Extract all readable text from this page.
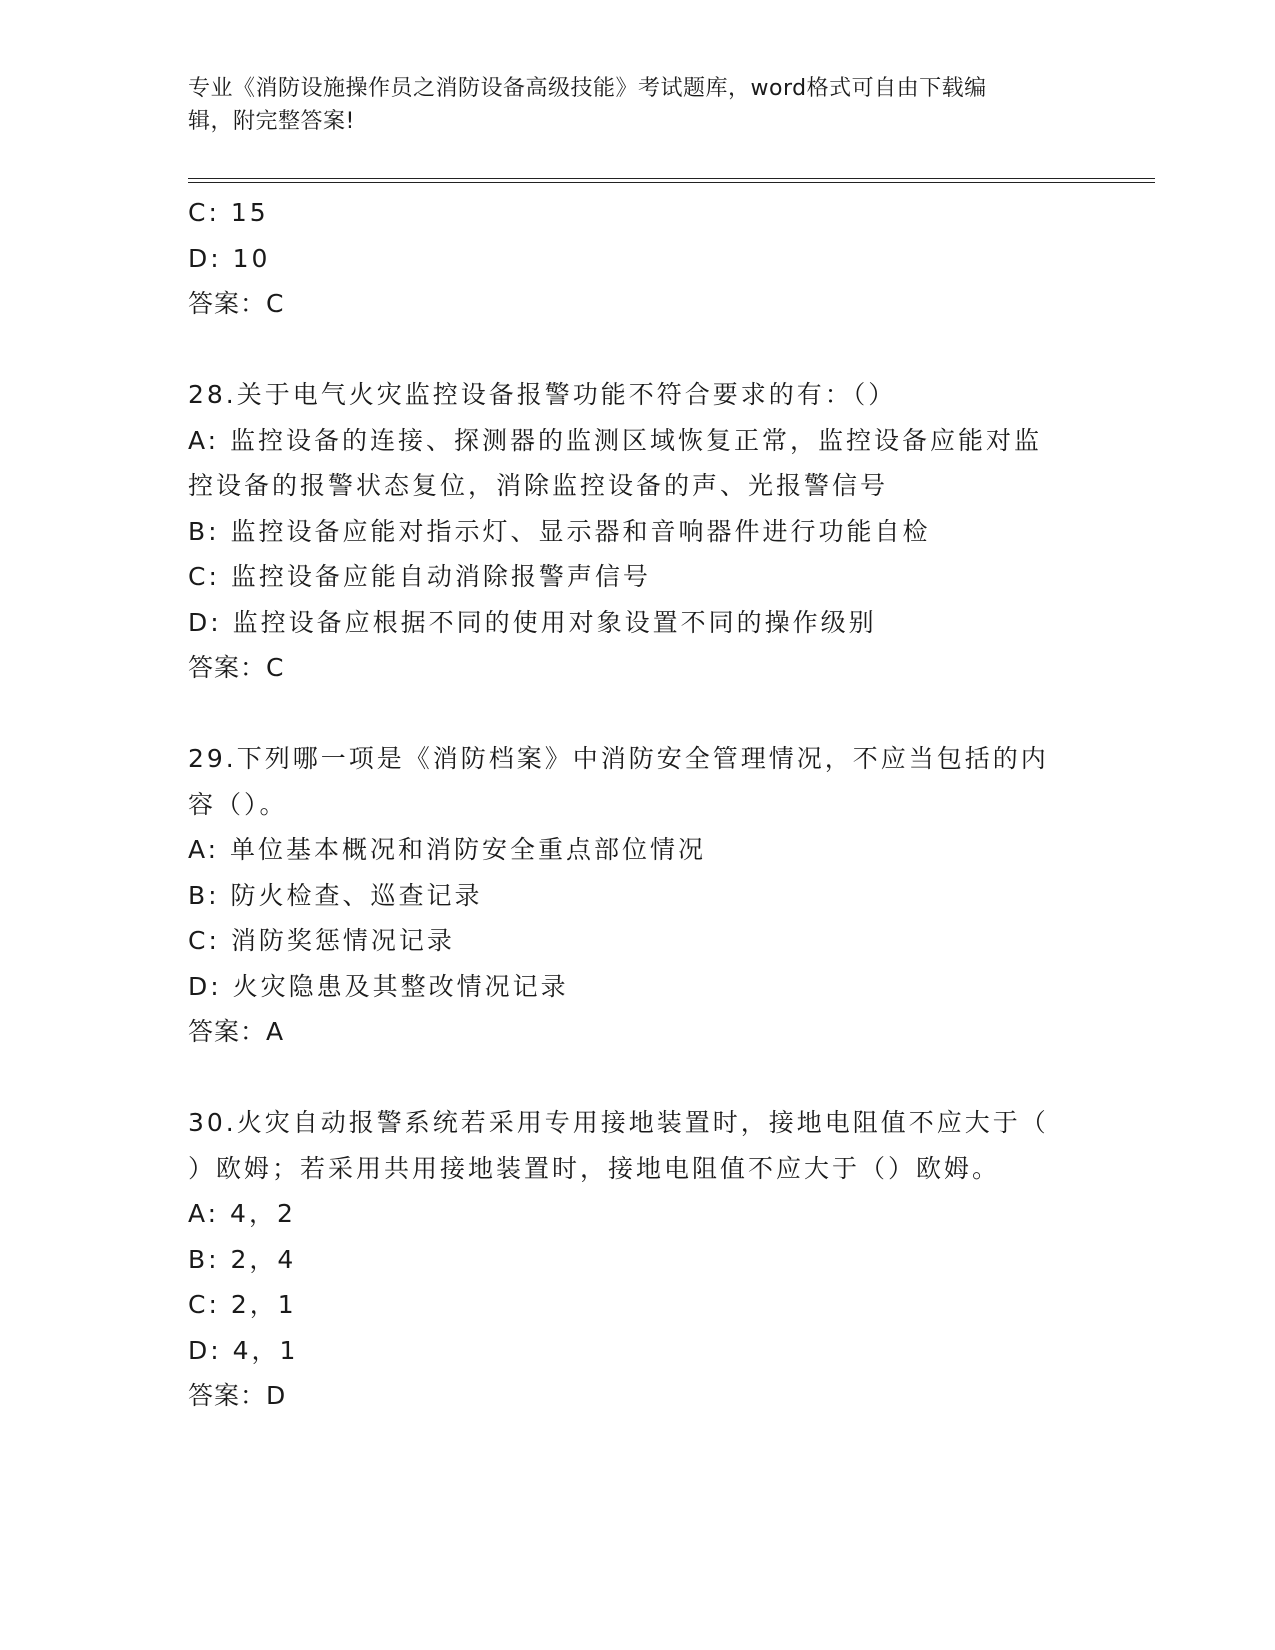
专业《消防设施操作员之消防设备高级技能》考试题库，word格式可自由下载编
辑，附完整答案!
C: 15
D: 10
答案：C
28.关于电气火灾监控设备报警功能不符合要求的有：（）
A: 监控设备的连接、探测器的监测区域恢复正常，监控设备应能对监
控设备的报警状态复位，消除监控设备的声、光报警信号
B: 监控设备应能对指示灯、显示器和音响器件进行功能自检
C: 监控设备应能自动消除报警声信号
D: 监控设备应根据不同的使用对象设置不同的操作级别
答案：C
29.下列哪一项是《消防档案》中消防安全管理情况，不应当包括的内
容（）。
A: 单位基本概况和消防安全重点部位情况
B: 防火检查、巡查记录
C: 消防奖惩情况记录
D: 火灾隐患及其整改情况记录
答案：A
30.火灾自动报警系统若采用专用接地装置时，接地电阻值不应大于（
）欧姆；若采用共用接地装置时，接地电阻值不应大于（）欧姆。
A: 4，2
B: 2，4
C: 2，1
D: 4，1
答案：D
